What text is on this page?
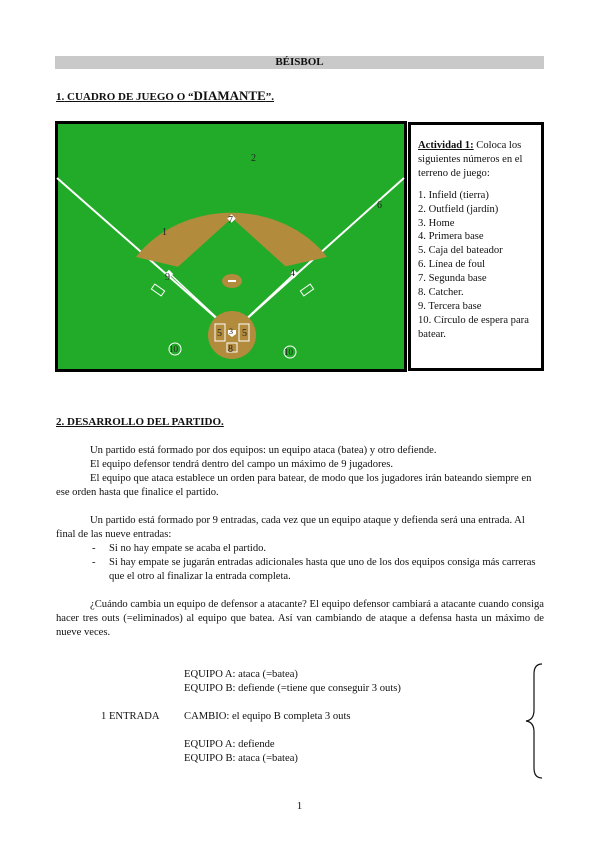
BÉISBOL
1. CUADRO DE JUEGO O “DIAMANTE”.
2
1
7
6
9	4
5 5
3
8
10	10
Actividad 1: Coloca los siguientes números en el terreno de juego:
1. Infield (tierra)
2. Outfield (jardín)
3. Home
4. Primera base
5. Caja del bateador
6. Línea de foul
7. Segunda base
8. Catcher.
9. Tercera base
10. Círculo de espera para batear.
2. DESARROLLO DEL PARTIDO.
Un partido está formado por dos equipos: un equipo ataca (batea) y otro defiende.
El equipo defensor tendrá dentro del campo un máximo de 9 jugadores.
El equipo que ataca establece un orden para batear, de modo que los jugadores irán bateando siempre en ese orden hasta que finalice el partido.
Un partido está formado por 9 entradas, cada vez que un equipo ataque y defienda será una entrada. Al final de las nueve entradas:
- Si no hay empate se acaba el partido.
- Si hay empate se jugarán entradas adicionales hasta que uno de los dos equipos consiga más carreras que el otro al finalizar la entrada completa.
¿Cuándo cambia un equipo de defensor a atacante? El equipo defensor cambiará a atacante cuando consiga hacer tres outs (=eliminados) al equipo que batea. Así van cambiando de ataque a defensa hasta un máximo de nueve veces.
EQUIPO A: ataca (=batea)
EQUIPO B: defiende (=tiene que conseguir 3 outs)
1 ENTRADA CAMBIO: el equipo B completa 3 outs
EQUIPO A: defiende
EQUIPO B: ataca (=batea)
1
